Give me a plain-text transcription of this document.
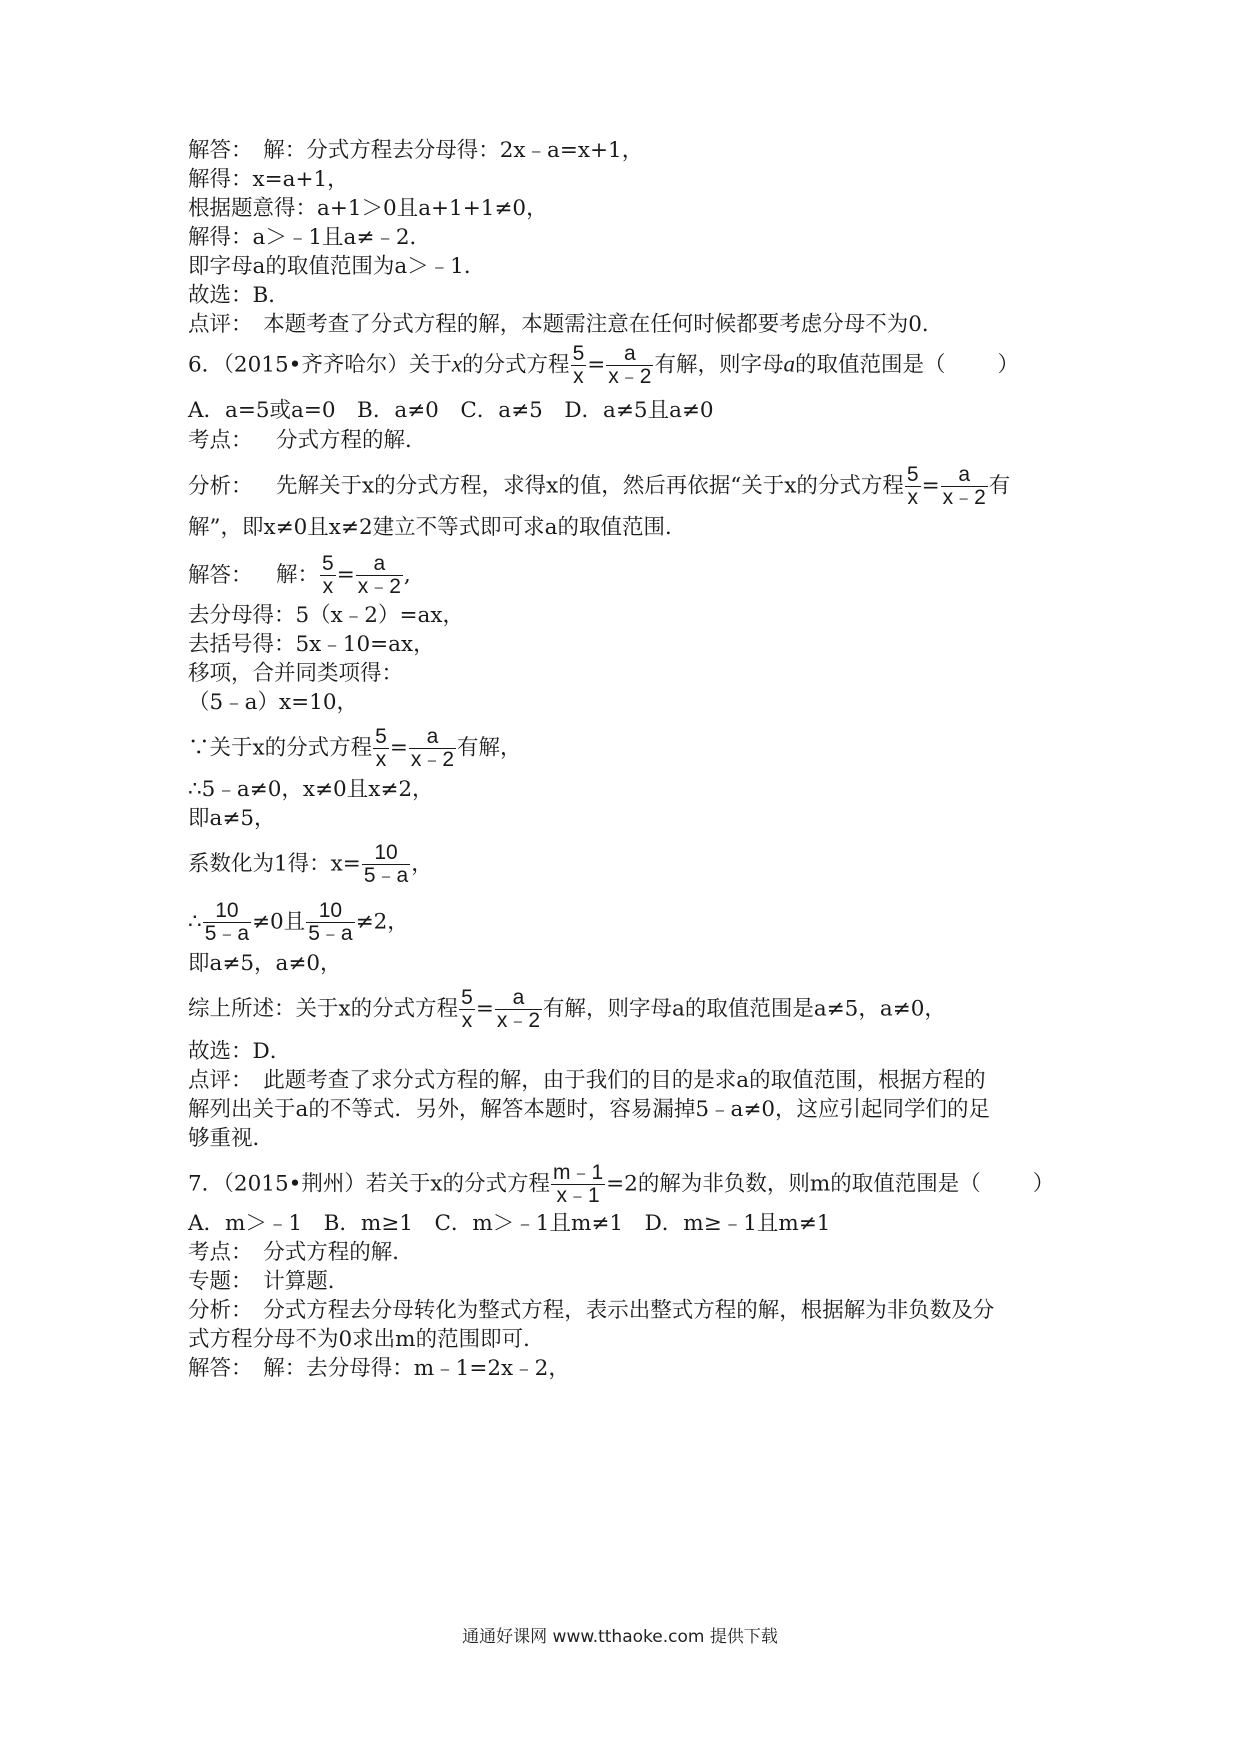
解答：　解：分式方程去分母得：2x﹣a=x+1，
解得：x=a+1，
根据题意得：a+1＞0且a+1+1≠0，
解得：a＞﹣1且a≠﹣2．
即字母a的取值范围为a＞﹣1．
故选：B．
点评：　本题考查了分式方程的解，本题需注意在任何时候都要考虑分母不为0．
6．（2015•齐齐哈尔）关于x的分式方程 $\frac{5}{x} = \frac{a}{x﹣2}$ 有解，则字母a的取值范围是（ ）
A．a=5或a=0　B．a≠0　C．a≠5　D．a≠5且a≠0
考点： 分式方程的解．
分析： 先解关于x的分式方程，求得x的值，然后再依据“关于x的分式方程 $\frac{5}{x} = \frac{a}{x﹣2}$ 有
解”，即x≠0且x≠2建立不等式即可求a的取值范围．
解答： 解： $\frac{5}{x} = \frac{a}{x﹣2}$ ,
去分母得：5（x﹣2）=ax，
去括号得：5x﹣10=ax，
移项，合并同类项得：
（5﹣a）x=10，
∵关于x的分式方程 $\frac{5}{x} = \frac{a}{x﹣2}$ 有解，
∴5﹣a≠0，x≠0且x≠2，
即a≠5，
系数化为1得：$x= \frac{10}{5﹣a}$ ，
∴ $\frac{10}{5﹣a} \ne 0$且 $\frac{10}{5﹣a} \ne 2$，
即a≠5，a≠0，
综上所述：关于x的分式方程 $\frac{5}{x} = \frac{a}{x﹣2}$ 有解，则字母a的取值范围是a≠5，a≠0，
故选：D．
点评：　此题考查了求分式方程的解，由于我们的目的是求a的取值范围，根据方程的
解列出关于a的不等式．另外，解答本题时，容易漏掉5﹣a≠0，这应引起同学们的足
够重视．
7．（2015•荆州）若关于x的分式方程 $\frac{m﹣1}{x﹣1} =2$的解为非负数，则m的取值范围是（ ）
A．m＞﹣1　B．m≥1　C．m＞﹣1且m≠1　D．m≥﹣1且m≠1
考点：　分式方程的解．
专题：　计算题．
分析：　分式方程去分母转化为整式方程，表示出整式方程的解，根据解为非负数及分
式方程分母不为0求出m的范围即可．
解答：　解：去分母得：m﹣1=2x﹣2，
通通好课网 www.tthaoke.com 提供下载
